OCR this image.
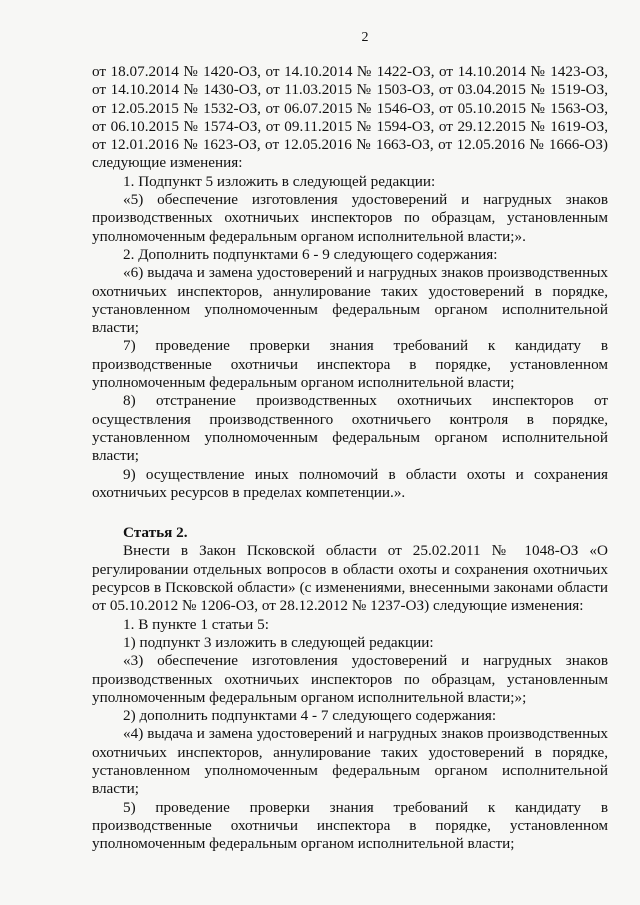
2

от 18.07.2014 № 1420-ОЗ, от 14.10.2014 № 1422-ОЗ, от 14.10.2014 № 1423-ОЗ, от 14.10.2014 № 1430-ОЗ, от 11.03.2015 № 1503-ОЗ, от 03.04.2015 № 1519-ОЗ, от 12.05.2015 № 1532-ОЗ, от 06.07.2015 № 1546-ОЗ, от 05.10.2015 № 1563-ОЗ, от 06.10.2015 № 1574-ОЗ, от 09.11.2015 № 1594-ОЗ, от 29.12.2015 № 1619-ОЗ, от 12.01.2016 № 1623-ОЗ, от 12.05.2016 № 1663-ОЗ, от 12.05.2016 № 1666-ОЗ) следующие изменения:

1. Подпункт 5 изложить в следующей редакции:

«5) обеспечение изготовления удостоверений и нагрудных знаков производственных охотничьих инспекторов по образцам, установленным уполномоченным федеральным органом исполнительной власти;».

2. Дополнить подпунктами 6 - 9 следующего содержания:

«6) выдача и замена удостоверений и нагрудных знаков производственных охотничьих инспекторов, аннулирование таких удостоверений в порядке, установленном уполномоченным федеральным органом исполнительной власти;

7) проведение проверки знания требований к кандидату в производственные охотничьи инспектора в порядке, установленном уполномоченным федеральным органом исполнительной власти;

8) отстранение производственных охотничьих инспекторов от осуществления производственного охотничьего контроля в порядке, установленном уполномоченным федеральным органом исполнительной власти;

9) осуществление иных полномочий в области охоты и сохранения охотничьих ресурсов в пределах компетенции.».

Статья 2.

Внести в Закон Псковской области от 25.02.2011 № 1048-ОЗ «О регулировании отдельных вопросов в области охоты и сохранения охотничьих ресурсов в Псковской области» (с изменениями, внесенными законами области от 05.10.2012 № 1206-ОЗ, от 28.12.2012 № 1237-ОЗ) следующие изменения:

1. В пункте 1 статьи 5:

1) подпункт 3 изложить в следующей редакции:

«3) обеспечение изготовления удостоверений и нагрудных знаков производственных охотничьих инспекторов по образцам, установленным уполномоченным федеральным органом исполнительной власти;»;

2) дополнить подпунктами 4 - 7 следующего содержания:

«4) выдача и замена удостоверений и нагрудных знаков производственных охотничьих инспекторов, аннулирование таких удостоверений в порядке, установленном уполномоченным федеральным органом исполнительной власти;

5) проведение проверки знания требований к кандидату в производственные охотничьи инспектора в порядке, установленном уполномоченным федеральным органом исполнительной власти;
